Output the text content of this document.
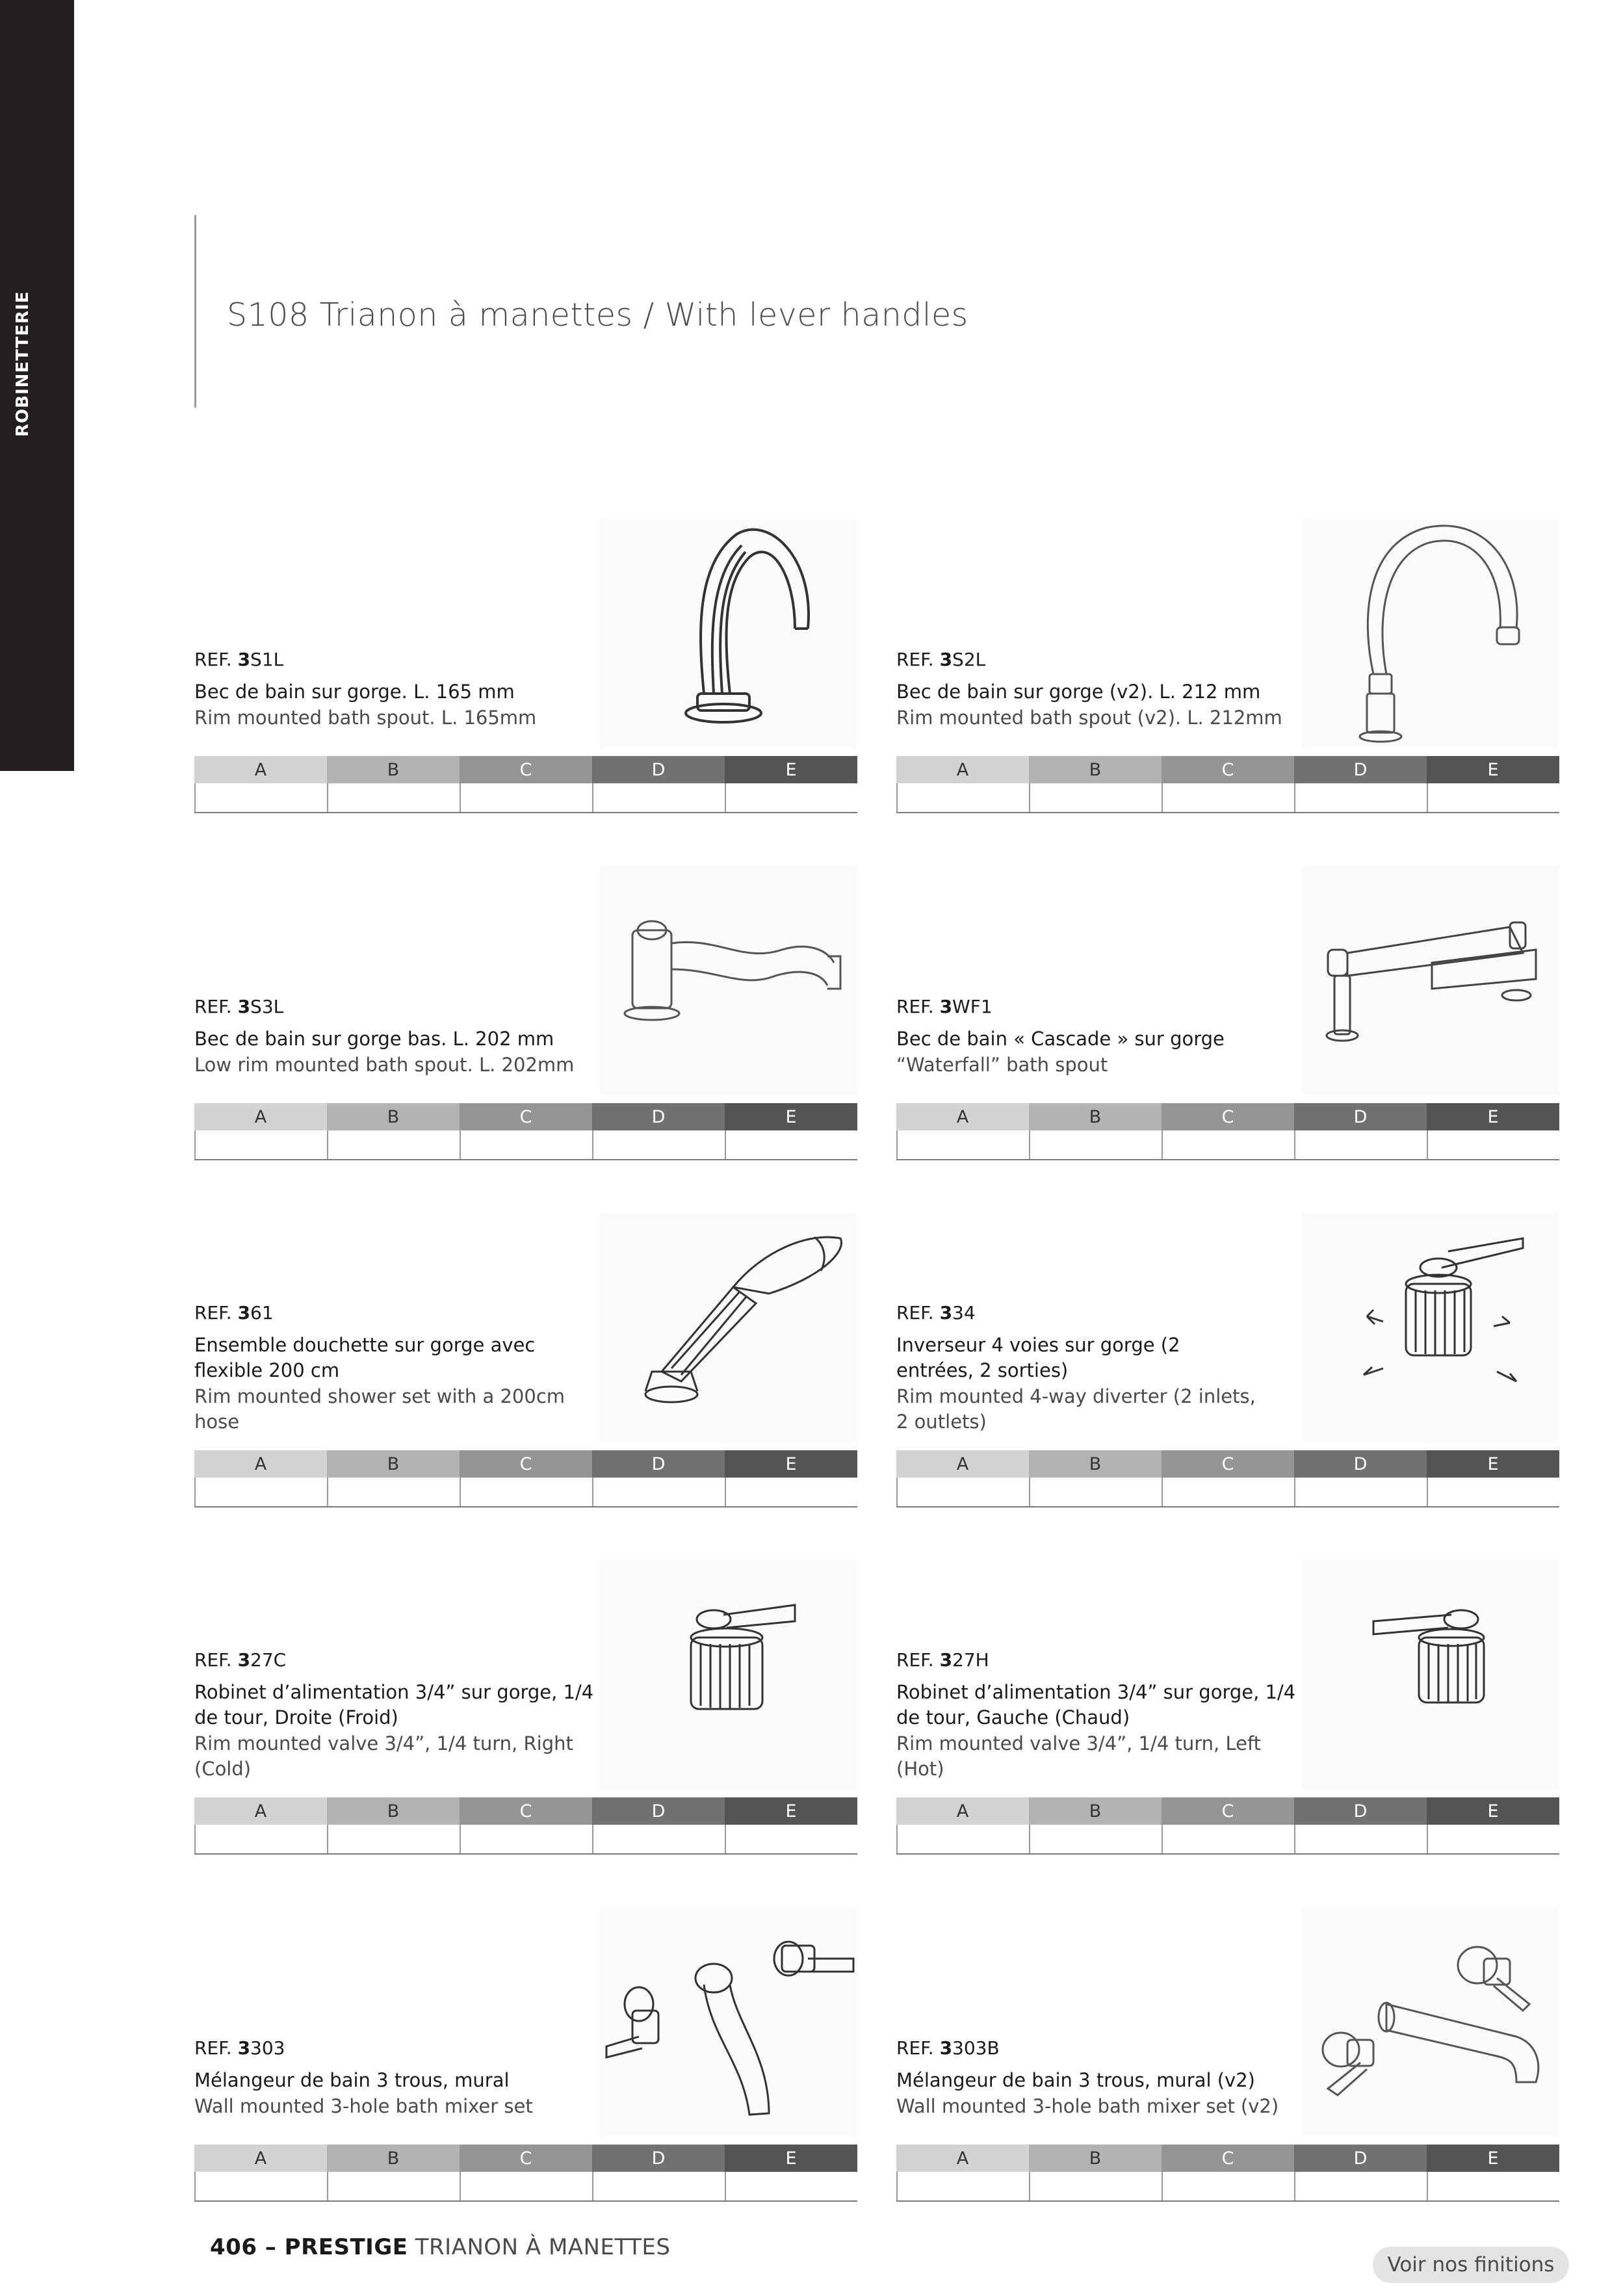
ROBINETTERIE	S108 Trianon à manettes / With lever handles
REF. 3S1L
Bec de bain sur gorge. L. 165 mm
Rim mounted bath spout. L. 165mm
A	B	C	D	E
REF. 3S2L
Bec de bain sur gorge (v2). L. 212 mm
Rim mounted bath spout (v2). L. 212mm
A	B	C	D	E
REF. 3S3L
Bec de bain sur gorge bas. L. 202 mm
Low rim mounted bath spout. L. 202mm
A	B	C	D	E
REF. 3WF1
Bec de bain « Cascade » sur gorge
“Waterfall” bath spout
A	B	C	D	E
REF. 361
Ensemble douchette sur gorge avec flexible 200 cm
Rim mounted shower set with a 200cm hose
A	B	C	D	E
REF. 334
Inverseur 4 voies sur gorge (2 entrées, 2 sorties)
Rim mounted 4-way diverter (2 inlets, 2 outlets)
A	B	C	D	E
REF. 327C
Robinet d’alimentation 3/4” sur gorge, 1/4 de tour, Droite (Froid)
Rim mounted valve 3/4”, 1/4 turn, Right (Cold)
A	B	C	D	E
REF. 327H
Robinet d’alimentation 3/4” sur gorge, 1/4 de tour, Gauche (Chaud)
Rim mounted valve 3/4”, 1/4 turn, Left (Hot)
A	B	C	D	E
REF. 3303
Mélangeur de bain 3 trous, mural
Wall mounted 3-hole bath mixer set
A	B	C	D	E
REF. 3303B
Mélangeur de bain 3 trous, mural (v2)
Wall mounted 3-hole bath mixer set (v2)
A	B	C	D	E
406 – PRESTIGE TRIANON À MANETTES
Voir nos finitions
